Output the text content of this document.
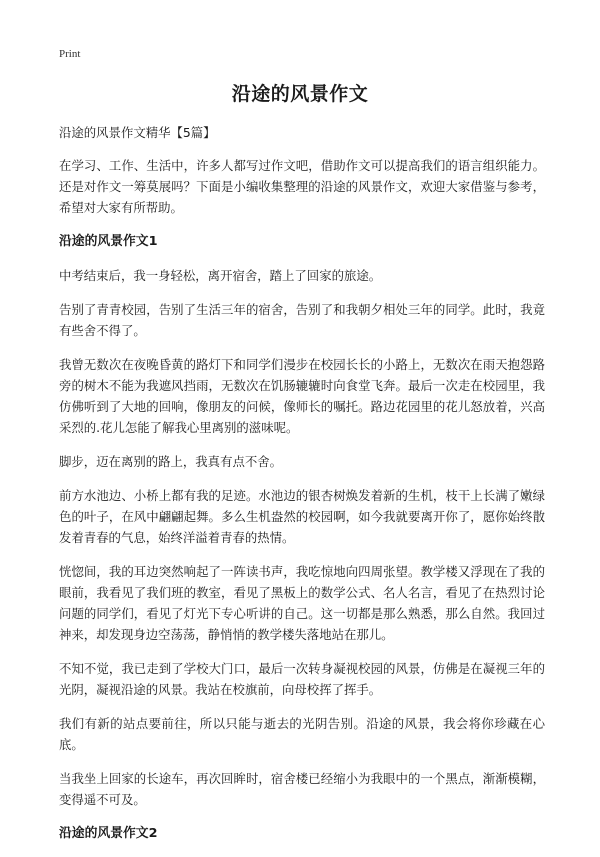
Print
沿途的风景作文

沿途的风景作文精华【5篇】

在学习、工作、生活中，许多人都写过作文吧，借助作文可以提高我们的语言组织能力。还是对作文一筹莫展吗？下面是小编收集整理的沿途的风景作文，欢迎大家借鉴与参考，希望对大家有所帮助。

沿途的风景作文1

中考结束后，我一身轻松，离开宿舍，踏上了回家的旅途。

告别了青青校园，告别了生活三年的宿舍，告别了和我朝夕相处三年的同学。此时，我竟有些舍不得了。

我曾无数次在夜晚昏黄的路灯下和同学们漫步在校园长长的小路上，无数次在雨天抱怨路旁的树木不能为我遮风挡雨，无数次在饥肠辘辘时向食堂飞奔。最后一次走在校园里，我仿佛听到了大地的回响，像朋友的问候，像师长的嘱托。路边花园里的花儿怒放着，兴高采烈的.花儿怎能了解我心里离别的滋味呢。

脚步，迈在离别的路上，我真有点不舍。

前方水池边、小桥上都有我的足迹。水池边的银杏树焕发着新的生机，枝干上长满了嫩绿色的叶子，在风中翩翩起舞。多么生机盎然的校园啊，如今我就要离开你了，愿你始终散发着青春的气息，始终洋溢着青春的热情。

恍惚间，我的耳边突然响起了一阵读书声，我吃惊地向四周张望。教学楼又浮现在了我的眼前，我看见了我们班的教室，看见了黑板上的数学公式、名人名言，看见了在热烈讨论问题的同学们，看见了灯光下专心听讲的自己。这一切都是那么熟悉，那么自然。我回过神来，却发现身边空荡荡，静悄悄的教学楼失落地站在那儿。

不知不觉，我已走到了学校大门口，最后一次转身凝视校园的风景，仿佛是在凝视三年的光阴，凝视沿途的风景。我站在校旗前，向母校挥了挥手。

我们有新的站点要前往，所以只能与逝去的光阴告别。沿途的风景，我会将你珍藏在心底。

当我坐上回家的长途车，再次回眸时，宿舍楼已经缩小为我眼中的一个黑点，渐渐模糊，变得遥不可及。

沿途的风景作文2
